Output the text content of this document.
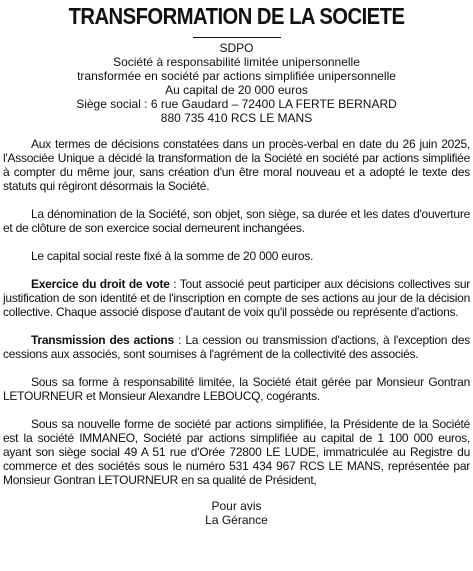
TRANSFORMATION DE LA SOCIETE
SDPO
Société à responsabilité limitée unipersonnelle
transformée en société par actions simplifiée unipersonnelle
Au capital de 20 000 euros
Siège social : 6 rue Gaudard – 72400 LA FERTE BERNARD
880 735 410 RCS LE MANS

Aux termes de décisions constatées dans un procès-verbal en date du 26 juin 2025, l'Associée Unique a décidé la transformation de la Société en société par actions simplifiée à compter du même jour, sans création d'un être moral nouveau et a adopté le texte des statuts qui régiront désormais la Société.

La dénomination de la Société, son objet, son siège, sa durée et les dates d'ouverture et de clôture de son exercice social demeurent inchangées.

Le capital social reste fixé à la somme de 20 000 euros.

Exercice du droit de vote : Tout associé peut participer aux décisions collectives sur justification de son identité et de l'inscription en compte de ses actions au jour de la décision collective. Chaque associé dispose d'autant de voix qu'il possède ou représente d'actions.

Transmission des actions : La cession ou transmission d'actions, à l'exception des cessions aux associés, sont soumises à l'agrément de la collectivité des associés.

Sous sa forme à responsabilité limitée, la Société était gérée par Monsieur Gontran LETOURNEUR et Monsieur Alexandre LEBOUCQ, cogérants.

Sous sa nouvelle forme de société par actions simplifiée, la Présidente de la Société est la société IMMANEO, Société par actions simplifiée au capital de 1 100 000 euros, ayant son siège social 49 A 51 rue d'Orée 72800 LE LUDE, immatriculée au Registre du commerce et des sociétés sous le numéro 531 434 967 RCS LE MANS, représentée par Monsieur Gontran LETOURNEUR en sa qualité de Président,

Pour avis
La Gérance
